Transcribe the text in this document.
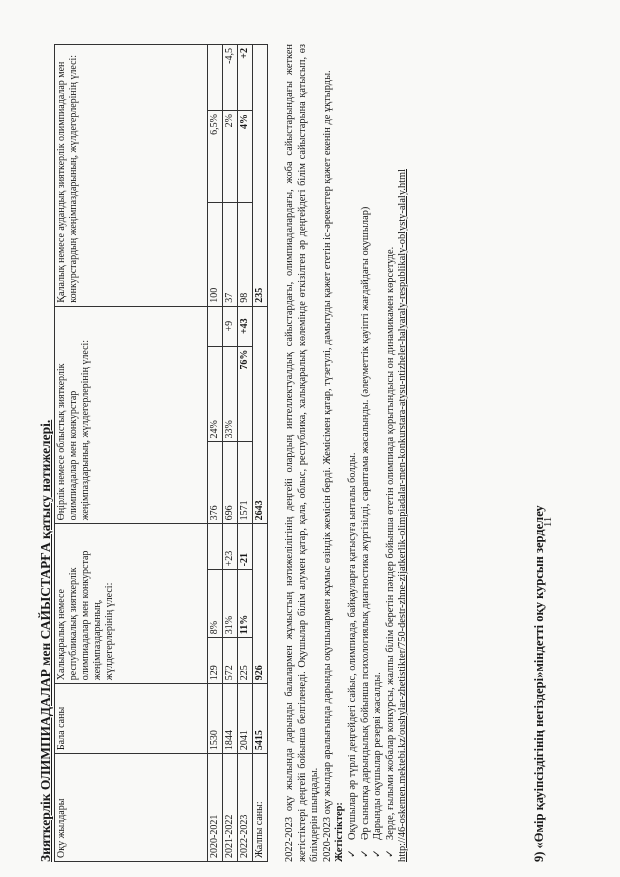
Зияткерлік ОЛИМПИАДАЛАР мен САЙЫСТАРҒА қатысу нәтижелері. Оқу жылдары	Бала саны	Халықаралық немесе республикалық зияткерлік олимпиадалар мен конкурстар жеңімпаздарының, жүлдегерлерінің үлесі:			Өңірлік немесе облыстық зияткерлік олимпиадалар мен конкурстар жеңімпаздарының, жүлдегерлерінің үлесі:			Қалалық немесе аудандық зияткерлік олимпиадалар мен конкурстардың жеңімпаздарының, жүлдегерлерінің үлесі:		
2020-2021	1530	129	8%		376	24%		100	6,5%	
2021-2022	1844	572	31%	+23	696	33%	+9	37	2%	-4,5
2022-2023	2041	225	11%	-21	1571	76%	+43	98	4%	+2
Жалпы саны:	5415	926			2643			235		2022-2023 оқу жылында дарынды балалармен жұмыстың нәтижелілігінің деңгейі олардың интеллектуалдық сайыстардағы, олимпиадалардағы, жоба сайыстарындағы жеткен жетістіктері деңгейі бойынша белгіленеді. Оқушылар білім алумен қатар, қала, облыс, республика, халықаралық көлемінде өткізілген әр деңгейдегі білім сайыстарына қатысып, өз білімдерін шыңдады. 2020-2023 оқу жылдар аралығында дарынды оқушылармен жұмыс өзіндік жемісін берді. Жемісімен қатар, түзетулі, дамытуды қажет ететін іс-әрекеттер қажет екенін де ұқтырды. Жетістіктер: ✓
Оқушылар әр түрлі деңгейдегі сайыс, олимпиада, байқауларға қатысуға ынталы болды.
✓
Әр сыныпқа дарындылық бойынша психологиялық диагностика жүргізілді, сараптама жасалынды. (әлеуметтік қауіпті жағдайдағы оқушылар)
✓
Дарынды оқушылар резерві жасалды.
✓
Зерде, ғылыми жобалар конкурсы, жалпы білім беретін пәндер бойынша өтетін олимпиада қорытындысы он динамикамен көрсетуде. http://46-oskemen.mektebi.kz/oushylar-zhetistikter/750-destr-zhne-zijatkerlik-olimpiadalar-men-konkurstara-atysu-ntizheler-halyaraly-respublikaly-oblysty-alaly.html	9) «Өмір қауіпсіздігінің негіздері»міндетті оқу курсын зерделеу
11
